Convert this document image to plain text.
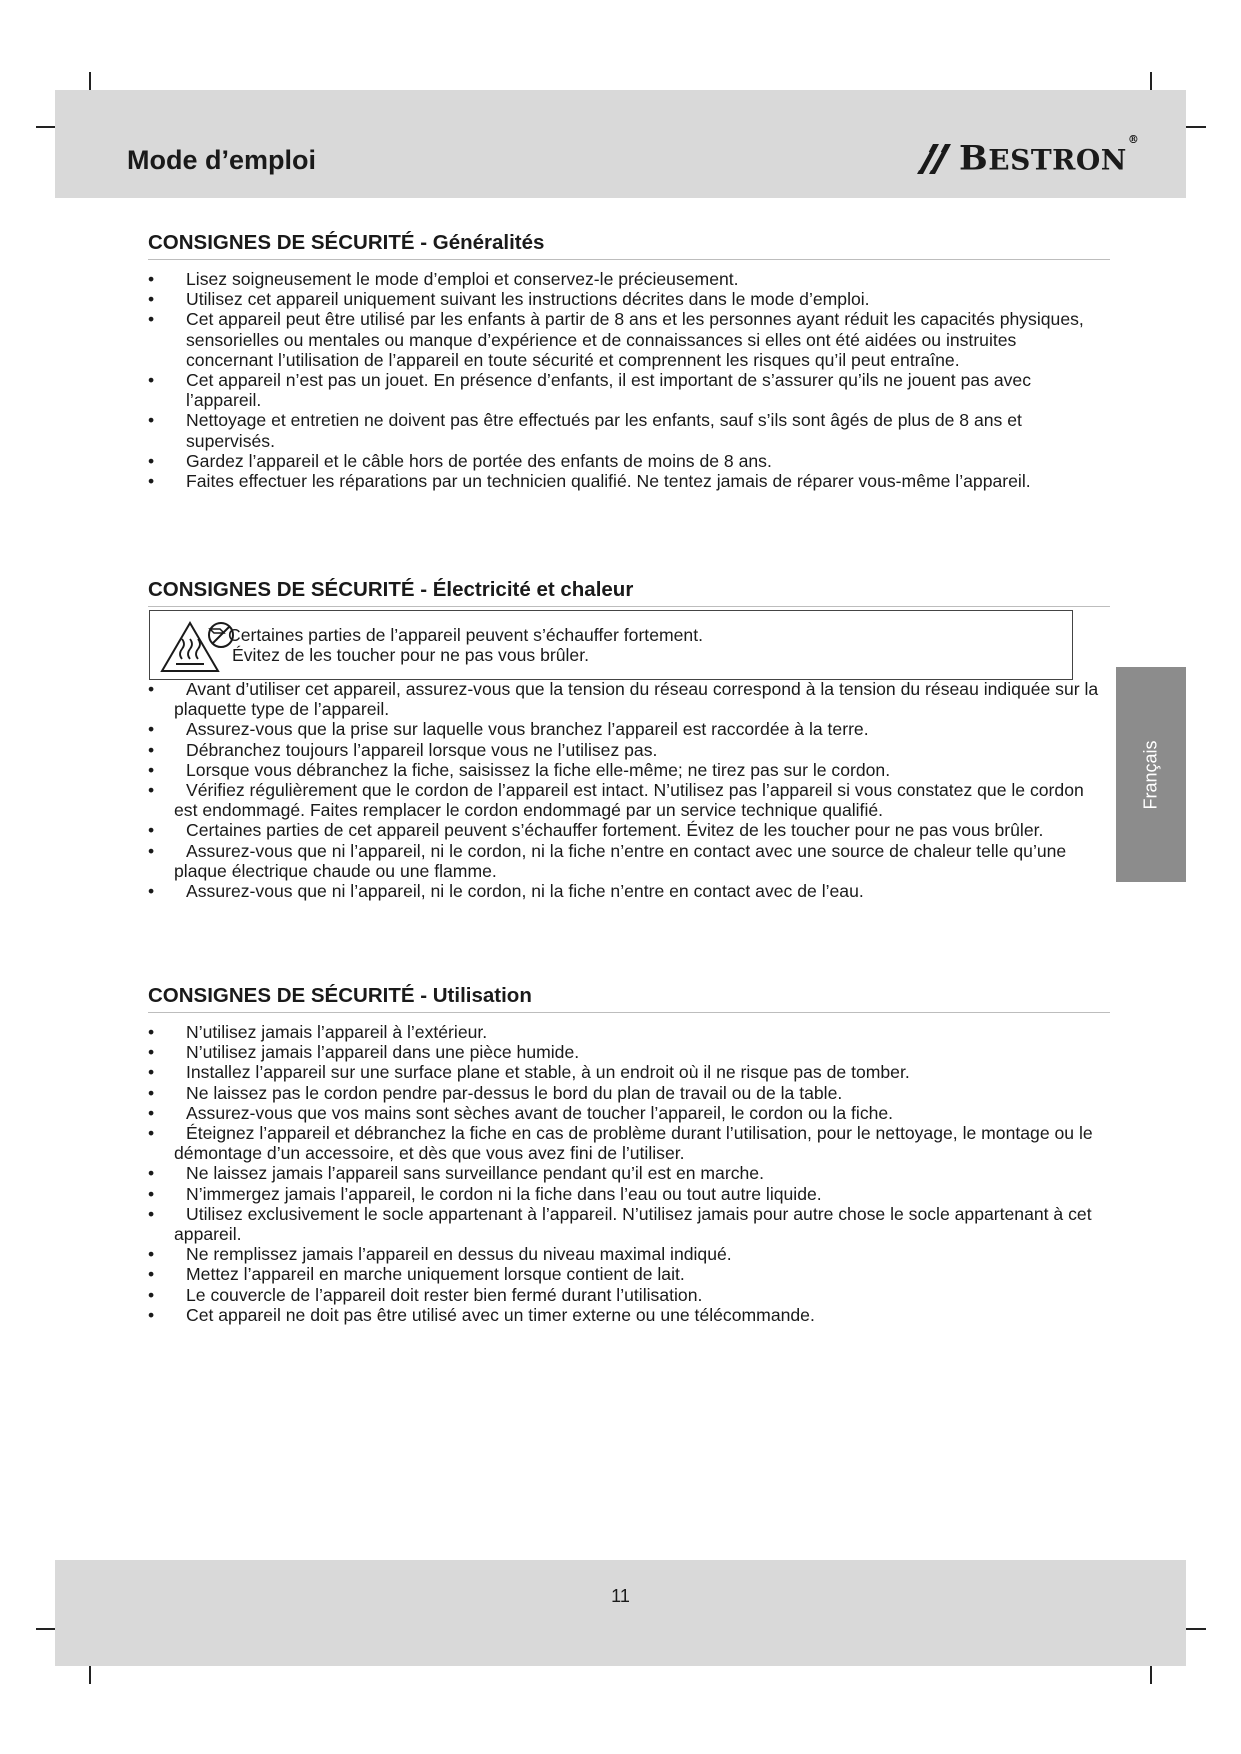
Mode d’emploi	BESTRON®
Français
CONSIGNES DE SÉCURITÉ - Généralités
•	Lisez soigneusement le mode d’emploi et conservez-le précieusement.
•	Utilisez cet appareil uniquement suivant les instructions décrites dans le mode d’emploi.
•	Cet appareil peut être utilisé par les enfants à partir de 8 ans et les personnes ayant réduit les capacités physiques, sensorielles ou mentales ou manque d’expérience et de connaissances si elles ont été aidées ou instruites concernant l’utilisation de l’appareil en toute sécurité et comprennent les risques qu’il peut entraîne.
•	Cet appareil n’est pas un jouet. En présence d’enfants, il est important de s’assurer qu’ils ne jouent pas avec l’appareil.
•	Nettoyage et entretien ne doivent pas être effectués par les enfants, sauf s’ils sont âgés de plus de 8 ans et supervisés.
•	Gardez l’appareil et le câble hors de portée des enfants de moins de 8 ans.
•	Faites effectuer les réparations par un technicien qualifié. Ne tentez jamais de réparer vous-même l’appareil.
CONSIGNES DE SÉCURITÉ - Électricité et chaleur
Certaines parties de l’appareil peuvent s’échauffer fortement.
Évitez de les toucher pour ne pas vous brûler.
•	Avant d’utiliser cet appareil, assurez-vous que la tension du réseau correspond à la tension du réseau indiquée sur la plaquette type de l’appareil.
•	Assurez-vous que la prise sur laquelle vous branchez l’appareil est raccordée à la terre.
•	Débranchez toujours l’appareil lorsque vous ne l’utilisez pas.
•	Lorsque vous débranchez la fiche, saisissez la fiche elle-même; ne tirez pas sur le cordon.
•	Vérifiez régulièrement que le cordon de l’appareil est intact. N’utilisez pas l’appareil si vous constatez que le cordon est endommagé. Faites remplacer le cordon endommagé par un service technique qualifié.
•	Certaines parties de cet appareil peuvent s’échauffer fortement. Évitez de les toucher pour ne pas vous brûler.
•	Assurez-vous que ni l’appareil, ni le cordon, ni la fiche n’entre en contact avec une source de chaleur telle qu’une plaque électrique chaude ou une flamme.
•	Assurez-vous que ni l’appareil, ni le cordon, ni la fiche n’entre en contact avec de l’eau.
CONSIGNES DE SÉCURITÉ - Utilisation
•	N’utilisez jamais l’appareil à l’extérieur.
•	N’utilisez jamais l’appareil dans une pièce humide.
•	Installez l’appareil sur une surface plane et stable, à un endroit où il ne risque pas de tomber.
•	Ne laissez pas le cordon pendre par-dessus le bord du plan de travail ou de la table.
•	Assurez-vous que vos mains sont sèches avant de toucher l’appareil, le cordon ou la fiche.
•	Éteignez l’appareil et débranchez la fiche en cas de problème durant l’utilisation, pour le nettoyage, le montage ou le démontage d’un accessoire, et dès que vous avez fini de l’utiliser.
•	Ne laissez jamais l’appareil sans surveillance pendant qu’il est en marche.
•	N’immergez jamais l’appareil, le cordon ni la fiche dans l’eau ou tout autre liquide.
•	Utilisez exclusivement le socle appartenant à l’appareil. N’utilisez jamais pour autre chose le socle appartenant à cet appareil.
•	Ne remplissez jamais l’appareil en dessus du niveau maximal indiqué.
•	Mettez l’appareil en marche uniquement lorsque contient de lait.
•	Le couvercle de l’appareil doit rester bien fermé durant l’utilisation.
•	Cet appareil ne doit pas être utilisé avec un timer externe ou une télécommande.
11
